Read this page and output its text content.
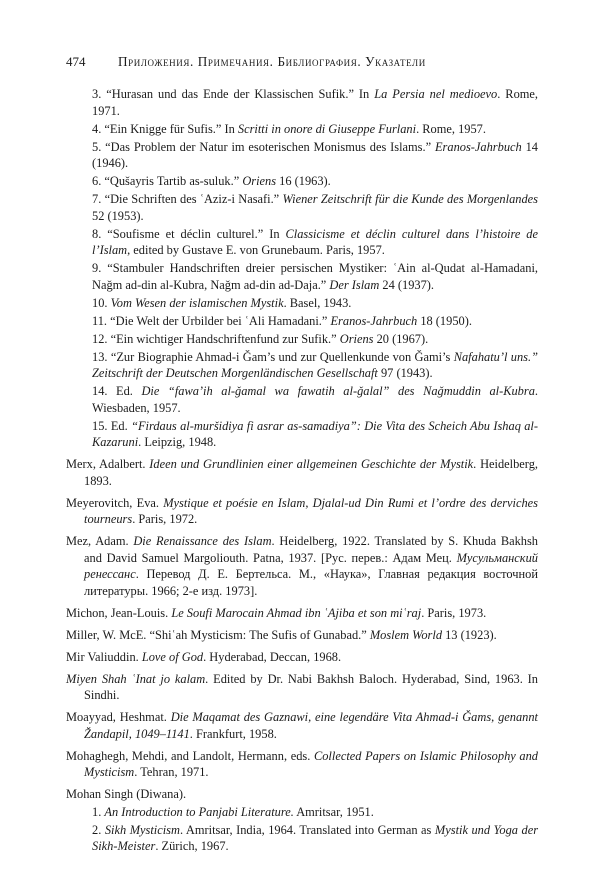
474 Приложения. Примечания. Библиография. Указатели

3. “Hurasan und das Ende der Klassischen Sufik.” In La Persia nel medioevo. Rome, 1971.

4. “Ein Knigge für Sufis.” In Scritti in onore di Giuseppe Furlani. Rome, 1957.

5. “Das Problem der Natur im esoterischen Monismus des Islams.” Eranos-Jahrbuch 14 (1946).

6. “Qušayris Tartib as-suluk.” Oriens 16 (1963).

7. “Die Schriften des ʿAziz-i Nasafi.” Wiener Zeitschrift für die Kunde des Morgenlandes 52 (1953).

8. “Soufisme et déclin culturel.” In Classicisme et déclin culturel dans l’histoire de l’Islam, edited by Gustave E. von Grunebaum. Paris, 1957.

9. “Stambuler Handschriften dreier persischen Mystiker: ʿAin al-Qudat al-Hamadani, Naǧm ad-din al-Kubra, Naǧm ad-din ad-Daja.” Der Islam 24 (1937).

10. Vom Wesen der islamischen Mystik. Basel, 1943.

11. “Die Welt der Urbilder bei ʿAli Hamadani.” Eranos-Jahrbuch 18 (1950).

12. “Ein wichtiger Handschriftenfund zur Sufik.” Oriens 20 (1967).

13. “Zur Biographie Ahmad-i Ǧam’s und zur Quellenkunde von Ǧami’s Nafahatu’l uns.” Zeitschrift der Deutschen Morgenländischen Gesellschaft 97 (1943).

14. Ed. Die “fawa’ih al-ǧamal wa fawatih al-ǧalal” des Naǧmuddin al-Kubra. Wiesbaden, 1957.

15. Ed. “Firdaus al-muršidiya fi asrar as-samadiya”: Die Vita des Scheich Abu Ishaq al-Kazaruni. Leipzig, 1948.

Merx, Adalbert. Ideen und Grundlinien einer allgemeinen Geschichte der Mystik. Heidelberg, 1893.

Meyerovitch, Eva. Mystique et poésie en Islam, Djalal-ud Din Rumi et l’ordre des derviches tourneurs. Paris, 1972.

Mez, Adam. Die Renaissance des Islam. Heidelberg, 1922. Translated by S. Khuda Bakhsh and David Samuel Margoliouth. Patna, 1937. [Рус. перев.: Адам Мец. Мусульманский ренессанс. Перевод Д. Е. Бертельса. М., «Наука», Главная редакция восточной литературы. 1966; 2-е изд. 1973].

Michon, Jean-Louis. Le Soufi Marocain Ahmad ibn ʿAjiba et son miʿraj. Paris, 1973.

Miller, W. McE. “Shiʿah Mysticism: The Sufis of Gunabad.” Moslem World 13 (1923).

Mir Valiuddin. Love of God. Hyderabad, Deccan, 1968.

Miyen Shah ʿInat jo kalam. Edited by Dr. Nabi Bakhsh Baloch. Hyderabad, Sind, 1963. In Sindhi.

Moayyad, Heshmat. Die Maqamat des Gaznawi, eine legendäre Vita Ahmad-i Ǧams, genannt Žandapil, 1049–1141. Frankfurt, 1958.

Mohaghegh, Mehdi, and Landolt, Hermann, eds. Collected Papers on Islamic Philosophy and Mysticism. Tehran, 1971.

Mohan Singh (Diwana).

1. An Introduction to Panjabi Literature. Amritsar, 1951.

2. Sikh Mysticism. Amritsar, India, 1964. Translated into German as Mystik und Yoga der Sikh-Meister. Zürich, 1967.
